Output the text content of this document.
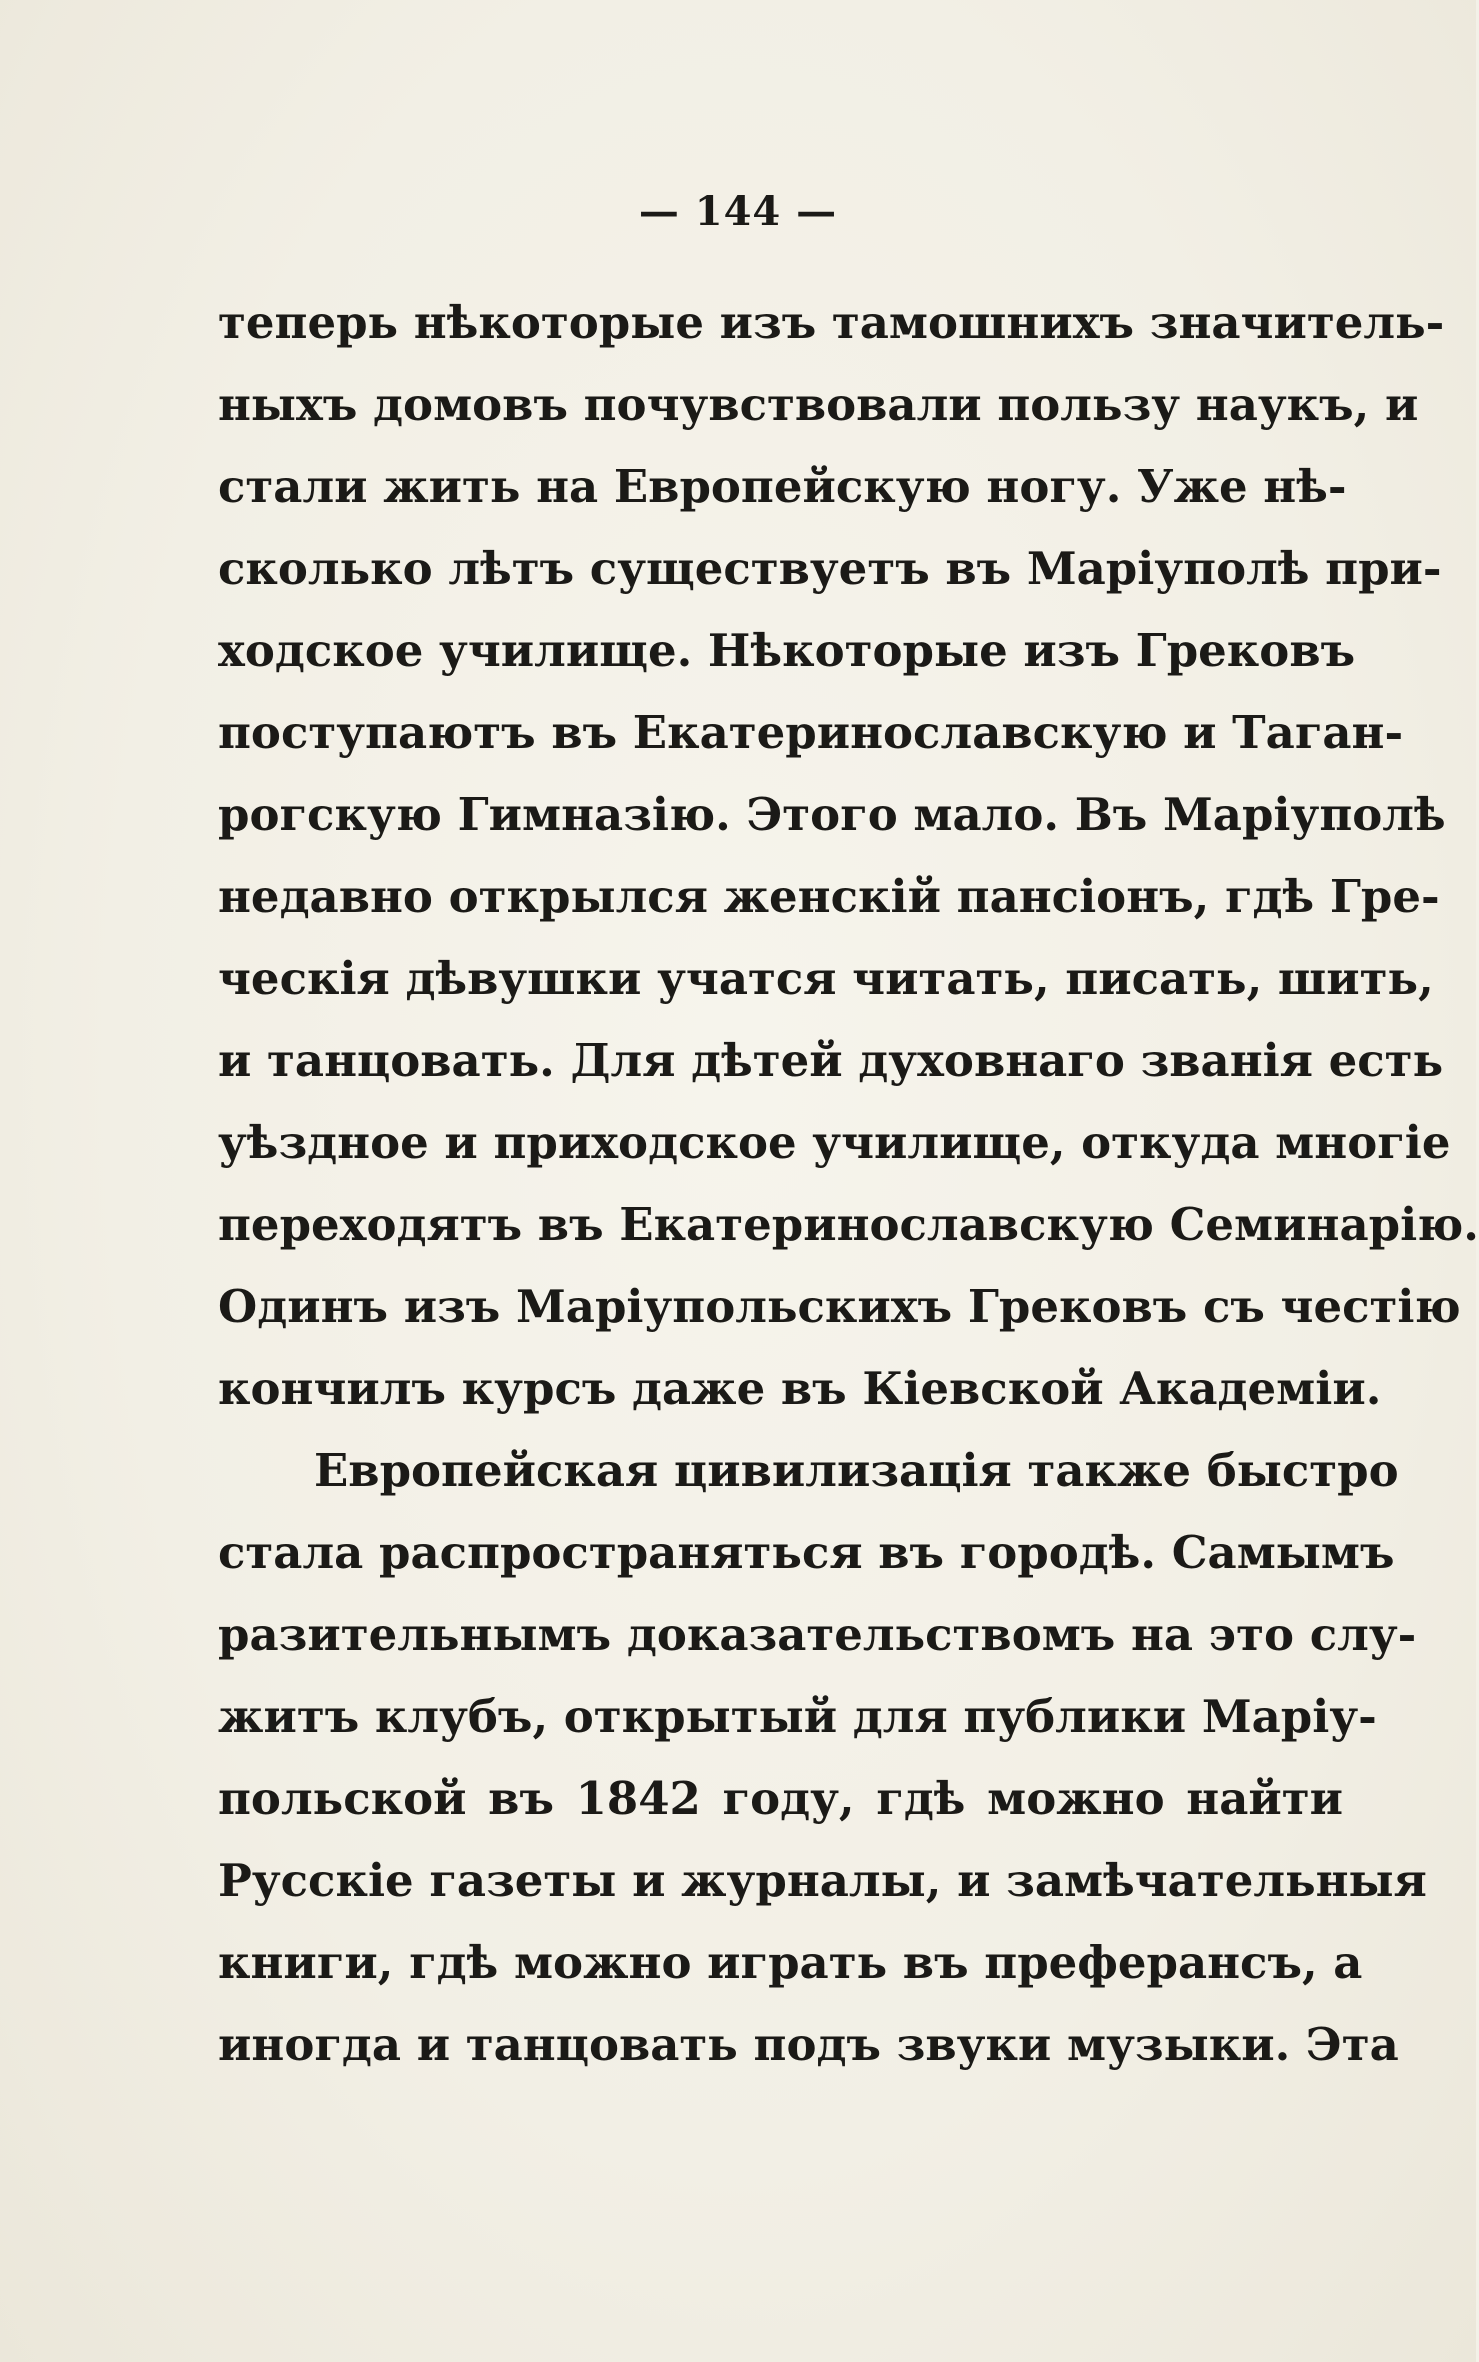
— 144 —
теперь нѣкоторые изъ тамошнихъ значитель-
ныхъ домовъ почувствовали пользу наукъ, и
стали жить на Европейскую ногу. Уже нѣ-
сколько лѣтъ существуетъ въ Маріуполѣ при-
ходское училище. Нѣкоторые изъ Грековъ
поступаютъ въ Екатеринославскую и Таган-
рогскую Гимназію. Этого мало. Въ Маріуполѣ
недавно открылся женскій пансіонъ, гдѣ Гре-
ческія дѣвушки учатся читать, писать, шить,
и танцовать. Для дѣтей духовнаго званія есть
уѣздное и приходское училище, откуда многіе
переходятъ въ Екатеринославскую Семинарію.
Одинъ изъ Маріупольскихъ Грековъ съ честію
кончилъ курсъ даже въ Кіевской Академіи.
Европейская цивилизація также быстро
стала распространяться въ городѣ. Самымъ
разительнымъ доказательствомъ на это слу-
житъ клубъ, открытый для публики Маріу-
польской въ 1842 году, гдѣ можно найти
Русскіе газеты и журналы, и замѣчательныя
книги, гдѣ можно играть въ преферансъ, а
иногда и танцовать подъ звуки музыки. Эта
